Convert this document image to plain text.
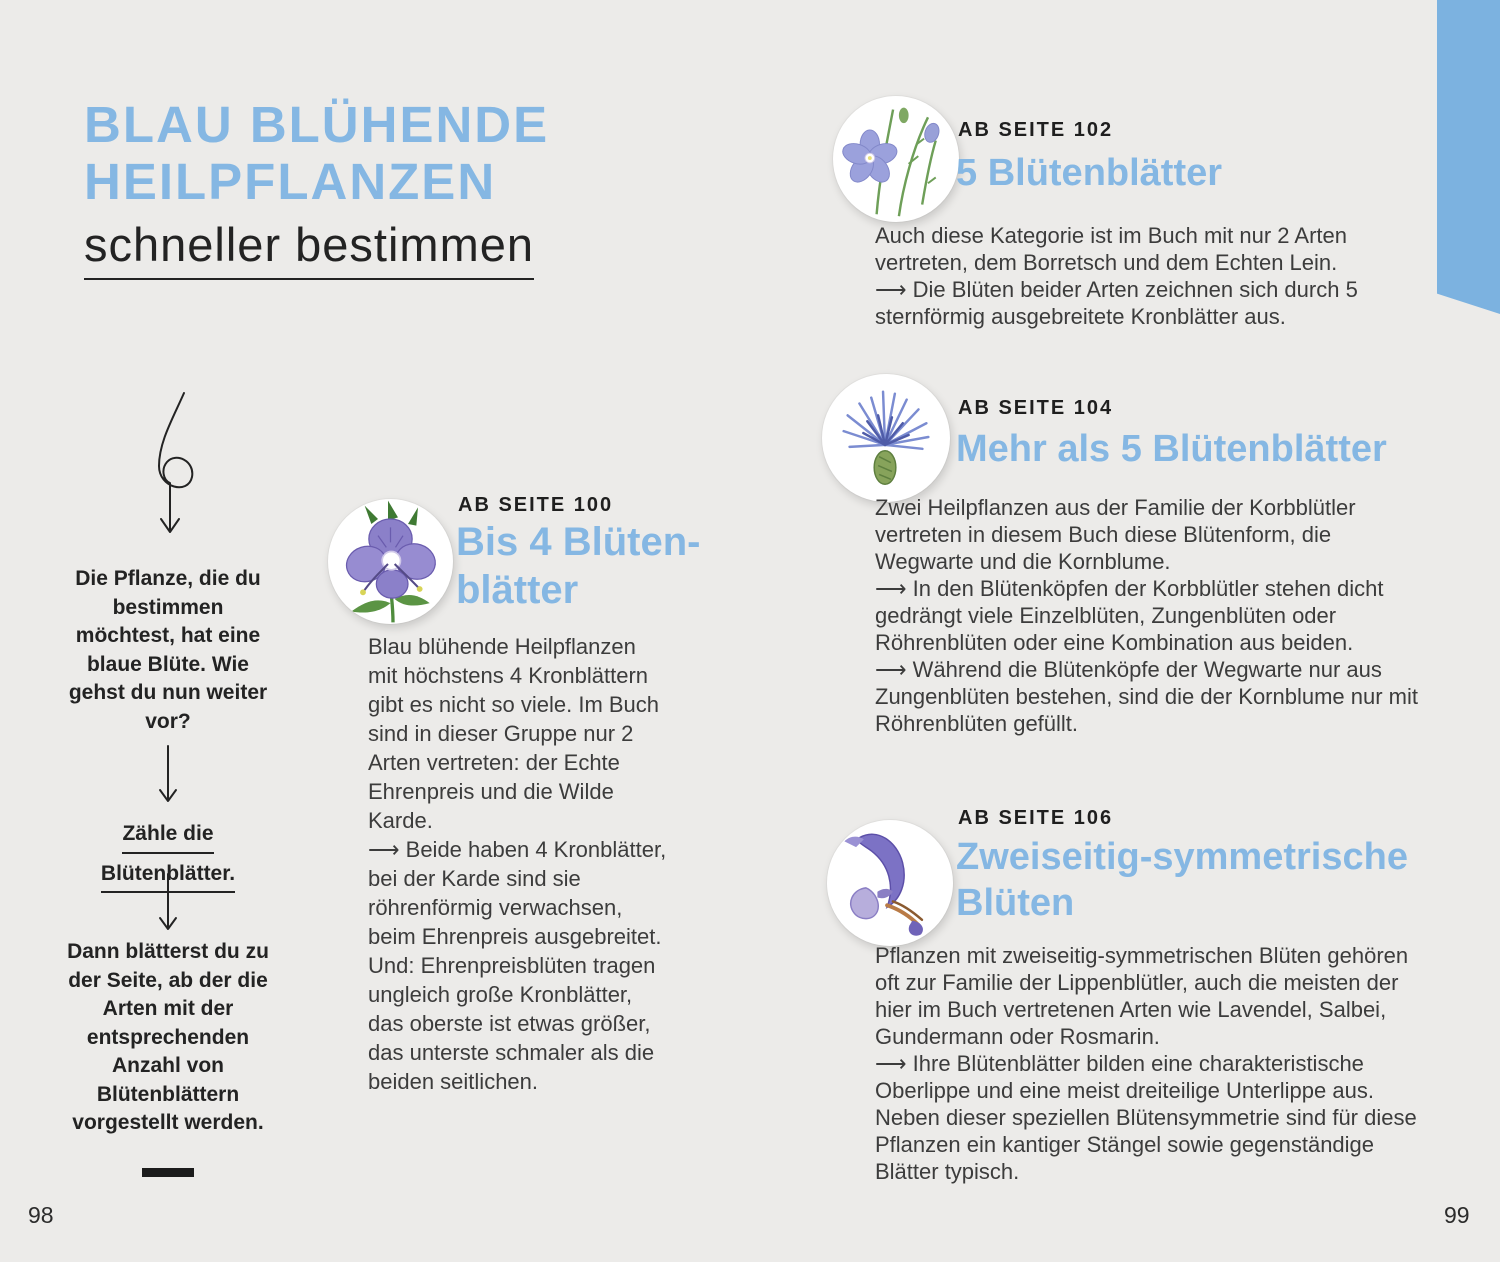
BLAU BLÜHENDE
HEILPFLANZEN
schneller bestimmen
Die Pflanze, die du bestimmen möchtest, hat eine blaue Blüte. Wie gehst du nun weiter vor?
Zähle die
Blütenblätter.
Dann blätterst du zu der Seite, ab der die Arten mit der entsprechenden Anzahl von Blütenblättern vorgestellt werden.
98
AB SEITE 100
Bis 4 Blüten-
blätter

Blau blühende Heilpflanzen mit höchstens 4 Kronblättern gibt es nicht so viele. Im Buch sind in dieser Gruppe nur 2 Arten vertreten: der Echte Ehrenpreis und die Wilde Karde.

⟶ Beide haben 4 Kronblätter, bei der Karde sind sie röhrenförmig verwachsen, beim Ehrenpreis ausgebreitet. Und: Ehrenpreisblüten tragen ungleich große Kronblätter, das oberste ist etwas größer, das unterste schmaler als die beiden seitlichen.

AB SEITE 102
5 Blütenblätter

Auch diese Kategorie ist im Buch mit nur 2 Arten vertreten, dem Borretsch und dem Echten Lein.

⟶ Die Blüten beider Arten zeichnen sich durch 5 sternförmig ausgebreitete Kronblätter aus.

AB SEITE 104
Mehr als 5 Blütenblätter

Zwei Heilpflanzen aus der Familie der Korbblütler vertreten in diesem Buch diese Blütenform, die Wegwarte und die Kornblume.

⟶ In den Blütenköpfen der Korbblütler stehen dicht gedrängt viele Einzelblüten, Zungenblüten oder Röhrenblüten oder eine Kombination aus beiden.

⟶ Während die Blütenköpfe der Wegwarte nur aus Zungenblüten bestehen, sind die der Kornblume nur mit Röhrenblüten gefüllt.

AB SEITE 106
Zweiseitig-symmetrische Blüten

Pflanzen mit zweiseitig-symmetrischen Blüten gehören oft zur Familie der Lippenblütler, auch die meisten der hier im Buch vertretenen Arten wie Lavendel, Salbei, Gundermann oder Rosmarin.

⟶ Ihre Blütenblätter bilden eine charakteristische Oberlippe und eine meist dreiteilige Unterlippe aus. Neben dieser speziellen Blütensymmetrie sind für diese Pflanzen ein kantiger Stängel sowie gegenständige Blätter typisch.

99
